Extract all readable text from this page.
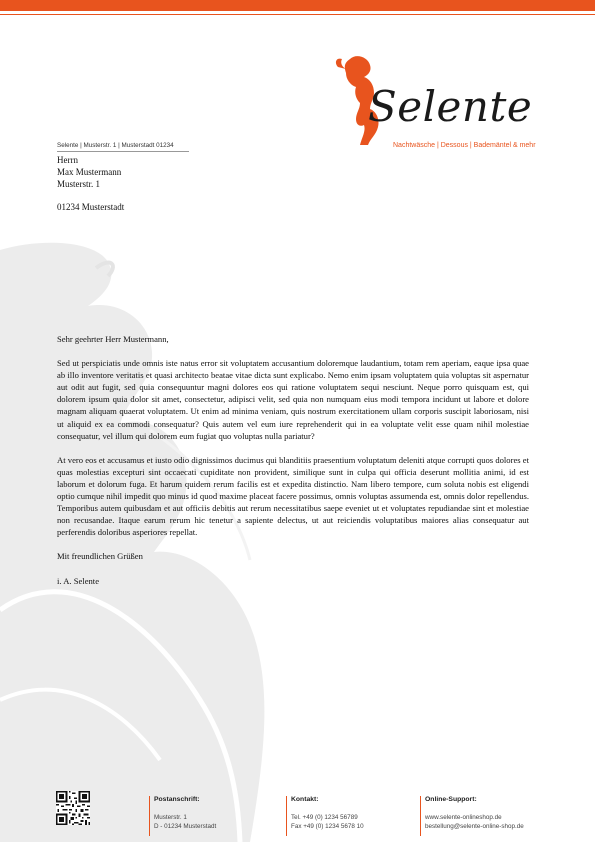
Selente
Nachtwäsche | Dessous | Bademäntel & mehr
Selente | Musterstr. 1 | Musterstadt 01234
Herrn
Max Mustermann
Musterstr. 1
01234 Musterstadt

Sehr geehrter Herr Mustermann,

Sed ut perspiciatis unde omnis iste natus error sit voluptatem accusantium doloremque laudantium, totam rem aperiam, eaque ipsa quae ab illo inventore veritatis et quasi architecto beatae vitae dicta sunt explicabo. Nemo enim ipsam voluptatem quia voluptas sit aspernatur aut odit aut fugit, sed quia consequuntur magni dolores eos qui ratione voluptatem sequi nesciunt. Neque porro quisquam est, qui dolorem ipsum quia dolor sit amet, consectetur, adipisci velit, sed quia non numquam eius modi tempora incidunt ut labore et dolore magnam aliquam quaerat voluptatem. Ut enim ad minima veniam, quis nostrum exercitationem ullam corporis suscipit laboriosam, nisi ut aliquid ex ea commodi consequatur? Quis autem vel eum iure reprehenderit qui in ea voluptate velit esse quam nihil molestiae consequatur, vel illum qui dolorem eum fugiat quo voluptas nulla pariatur?

At vero eos et accusamus et iusto odio dignissimos ducimus qui blanditiis praesentium voluptatum deleniti atque corrupti quos dolores et quas molestias excepturi sint occaecati cupiditate non provident, similique sunt in culpa qui officia deserunt mollitia animi, id est laborum et dolorum fuga. Et harum quidem rerum facilis est et expedita distinctio. Nam libero tempore, cum soluta nobis est eligendi optio cumque nihil impedit quo minus id quod maxime placeat facere possimus, omnis voluptas assumenda est, omnis dolor repellendus. Temporibus autem quibusdam et aut officiis debitis aut rerum necessitatibus saepe eveniet ut et voluptates repudiandae sint et molestiae non recusandae. Itaque earum rerum hic tenetur a sapiente delectus, ut aut reiciendis voluptatibus maiores alias consequatur aut perferendis doloribus asperiores repellat.

Mit freundlichen Grüßen

i. A. Selente

Postanschrift:
Musterstr. 1
D - 01234 Musterstadt
Kontakt:
Tel. +49 (0) 1234 56789
Fax +49 (0) 1234 5678 10
Online-Support:
www.selente-onlineshop.de
bestellung@selente-online-shop.de
